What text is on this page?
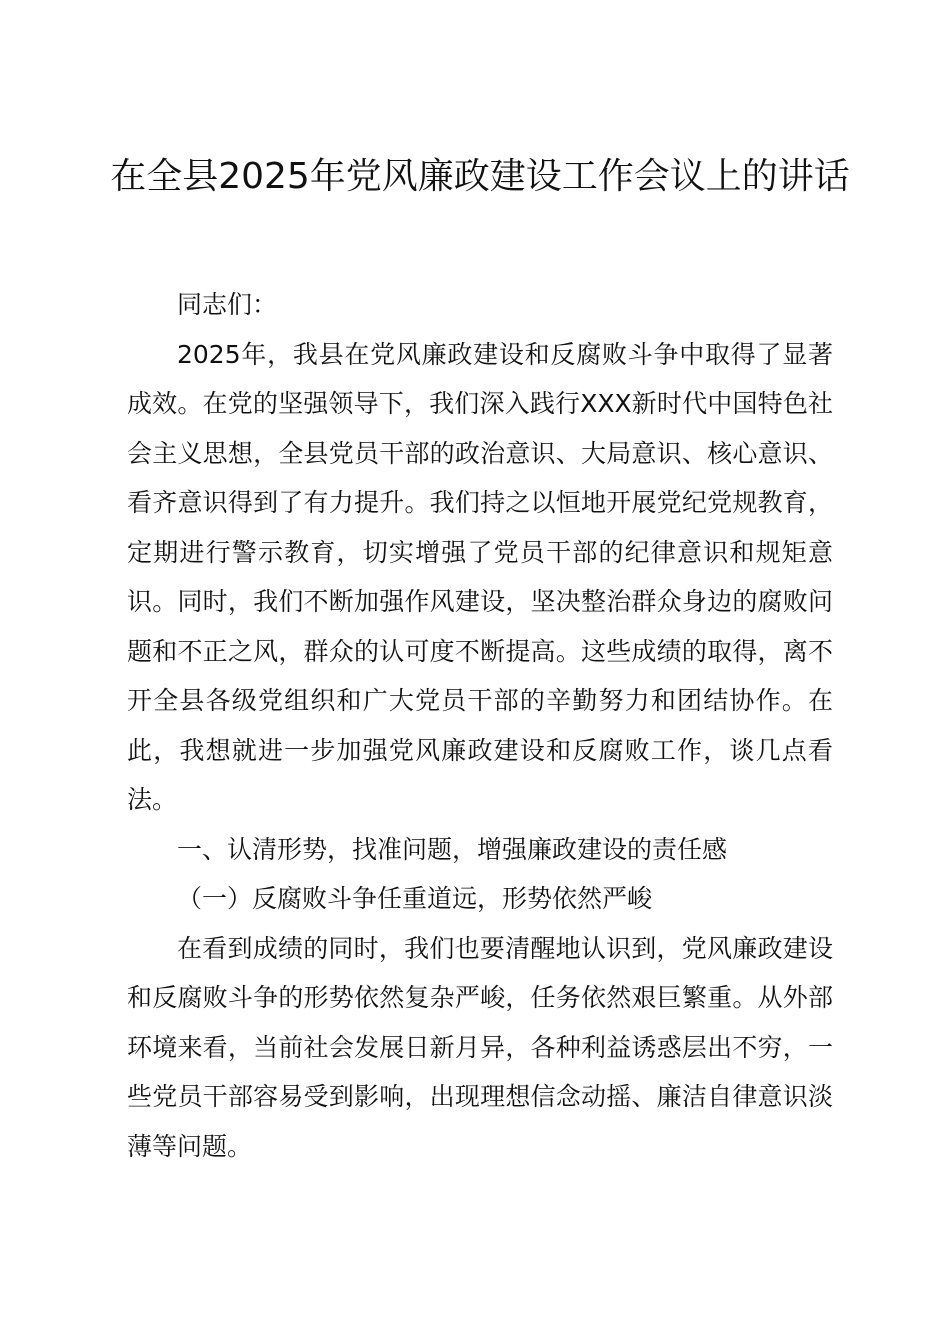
在全县2025年党风廉政建设工作会议上的讲话

同志们：

2025年，我县在党风廉政建设和反腐败斗争中取得了显著成效。在党的坚强领导下，我们深入践行XXX新时代中国特色社会主义思想，全县党员干部的政治意识、大局意识、核心意识、看齐意识得到了有力提升。我们持之以恒地开展党纪党规教育，定期进行警示教育，切实增强了党员干部的纪律意识和规矩意识。同时，我们不断加强作风建设，坚决整治群众身边的腐败问题和不正之风，群众的认可度不断提高。这些成绩的取得，离不开全县各级党组织和广大党员干部的辛勤努力和团结协作。在此，我想就进一步加强党风廉政建设和反腐败工作，谈几点看法。

一、认清形势，找准问题，增强廉政建设的责任感

（一）反腐败斗争任重道远，形势依然严峻

在看到成绩的同时，我们也要清醒地认识到，党风廉政建设和反腐败斗争的形势依然复杂严峻，任务依然艰巨繁重。从外部环境来看，当前社会发展日新月异，各种利益诱惑层出不穷，一些党员干部容易受到影响，出现理想信念动摇、廉洁自律意识淡薄等问题。
